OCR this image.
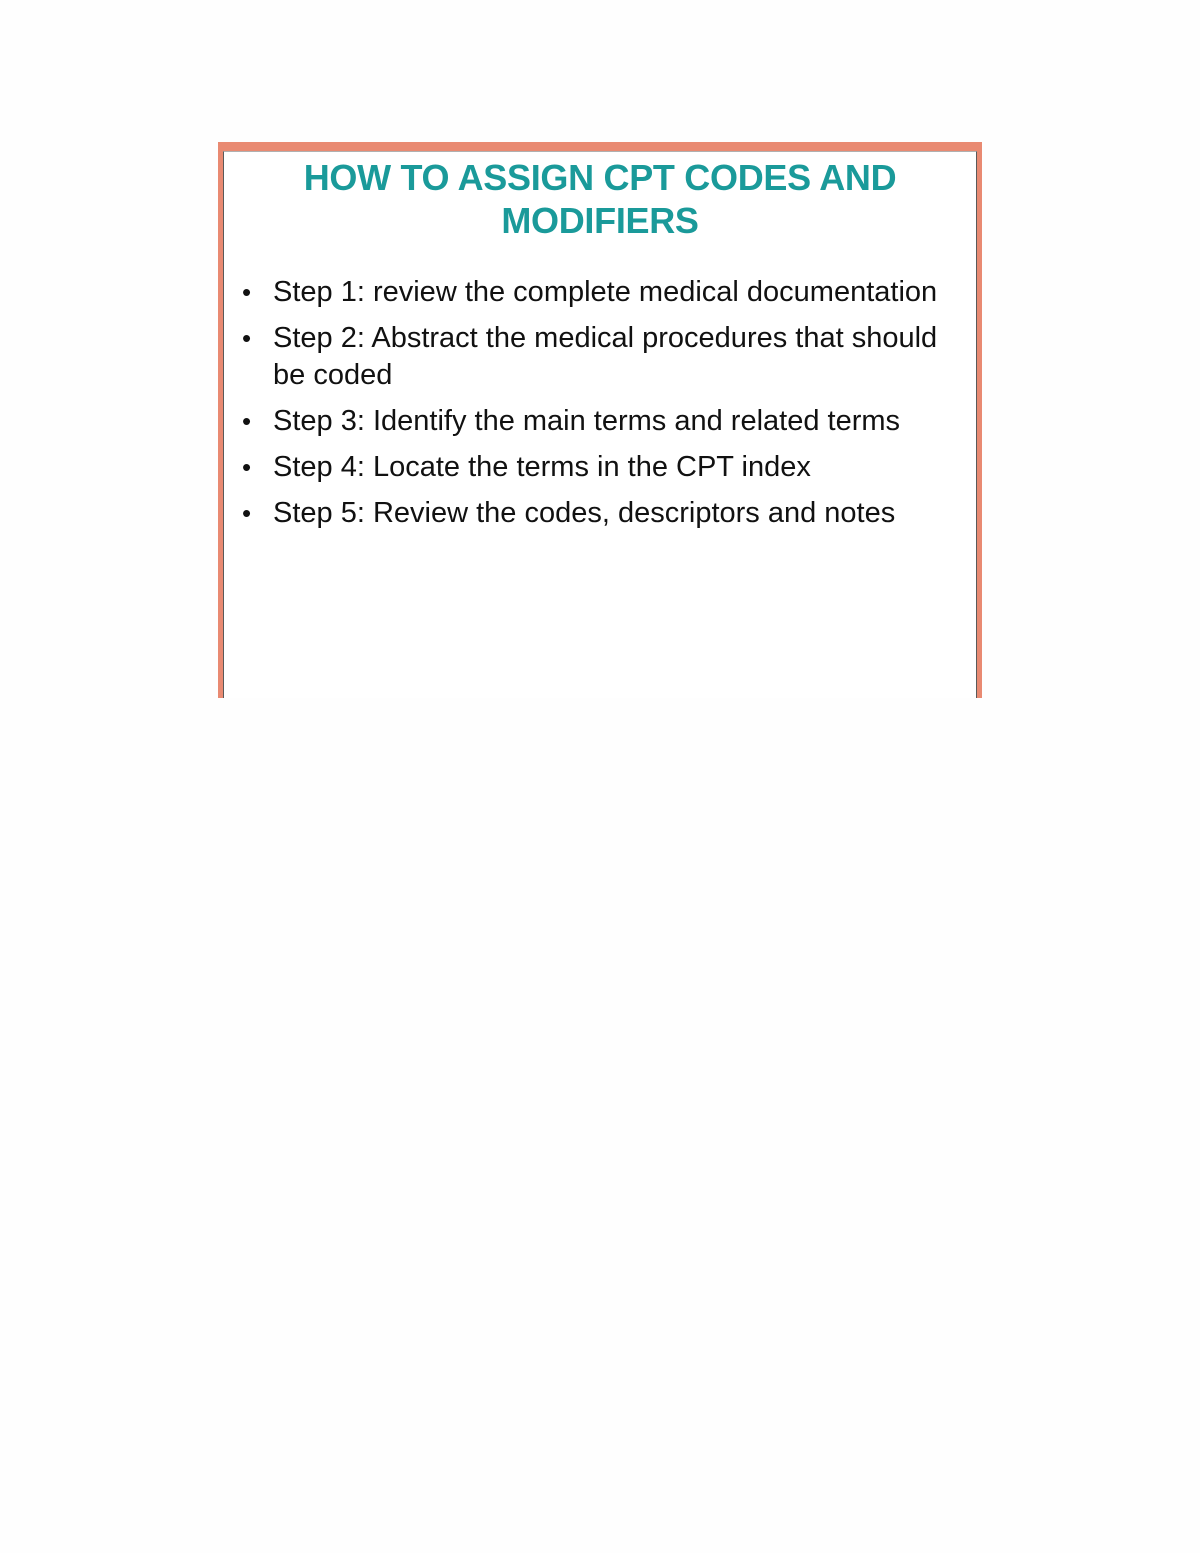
HOW TO ASSIGN CPT CODES AND MODIFIERS
• Step 1: review the complete medical documentation
• Step 2: Abstract the medical procedures that should be coded
• Step 3: Identify the main terms and related terms
• Step 4: Locate the terms in the CPT index
• Step 5: Review the codes, descriptors and notes
